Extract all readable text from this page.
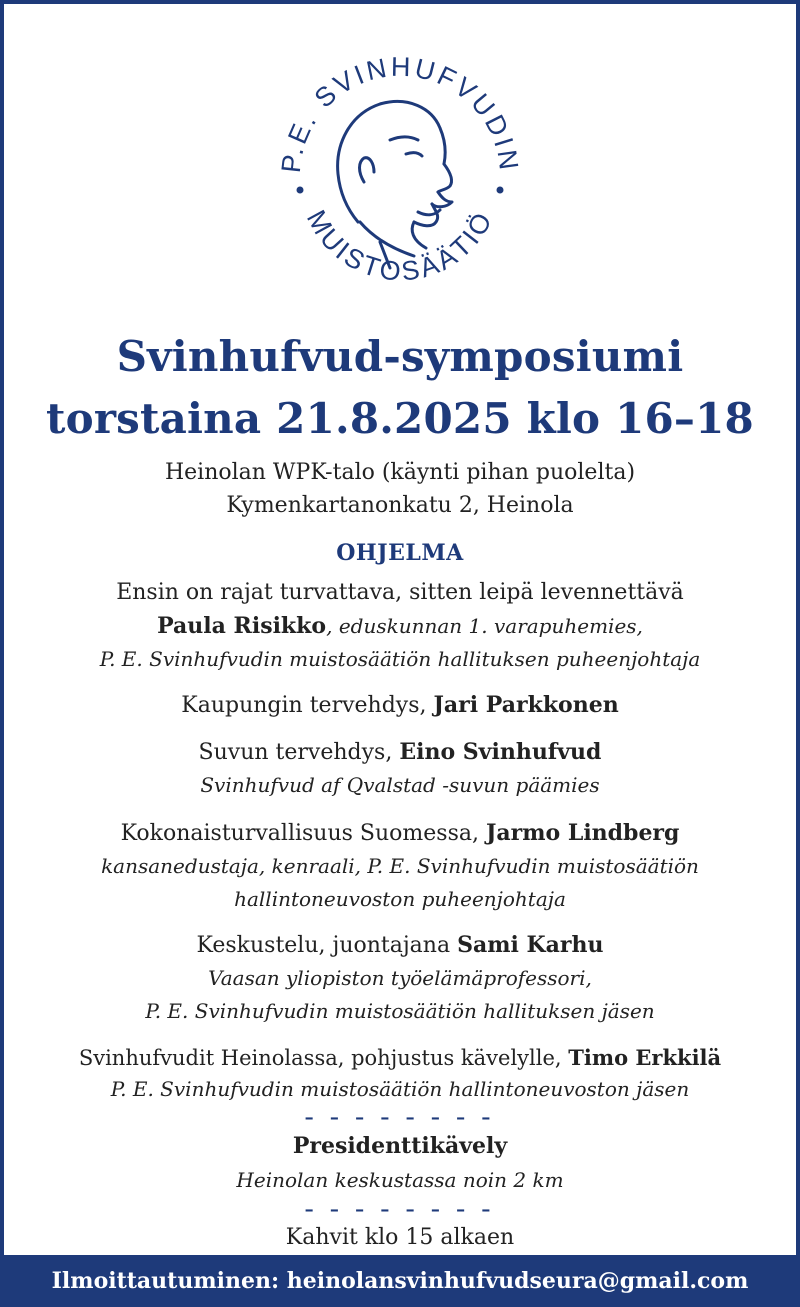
P.E. SVINHUFVUDIN
MUISTOSÄÄTIÖ
Svinhufvud-symposiumi
torstaina 21.8.2025 klo 16–18
Heinolan WPK-talo (käynti pihan puolelta)
Kymenkartanonkatu 2, Heinola
OHJELMA
Ensin on rajat turvattava, sitten leipä levennettävä
Paula Risikko, eduskunnan 1. varapuhemies,
P. E. Svinhufvudin muistosäätiön hallituksen puheenjohtaja
Kaupungin tervehdys, Jari Parkkonen
Suvun tervehdys, Eino Svinhufvud
Svinhufvud af Qvalstad -suvun päämies
Kokonaisturvallisuus Suomessa, Jarmo Lindberg
kansanedustaja, kenraali, P. E. Svinhufvudin muistosäätiön
hallintoneuvoston puheenjohtaja
Keskustelu, juontajana Sami Karhu
Vaasan yliopiston työelämäprofessori,
P. E. Svinhufvudin muistosäätiön hallituksen jäsen
Svinhufvudit Heinolassa, pohjustus kävelylle, Timo Erkkilä
P. E. Svinhufvudin muistosäätiön hallintoneuvoston jäsen
– – – – – – – –
Presidenttikävely
Heinolan keskustassa noin 2 km
– – – – – – – –
Kahvit klo 15 alkaen
Ilmoittautuminen: heinolansvinhufvudseura@gmail.com
